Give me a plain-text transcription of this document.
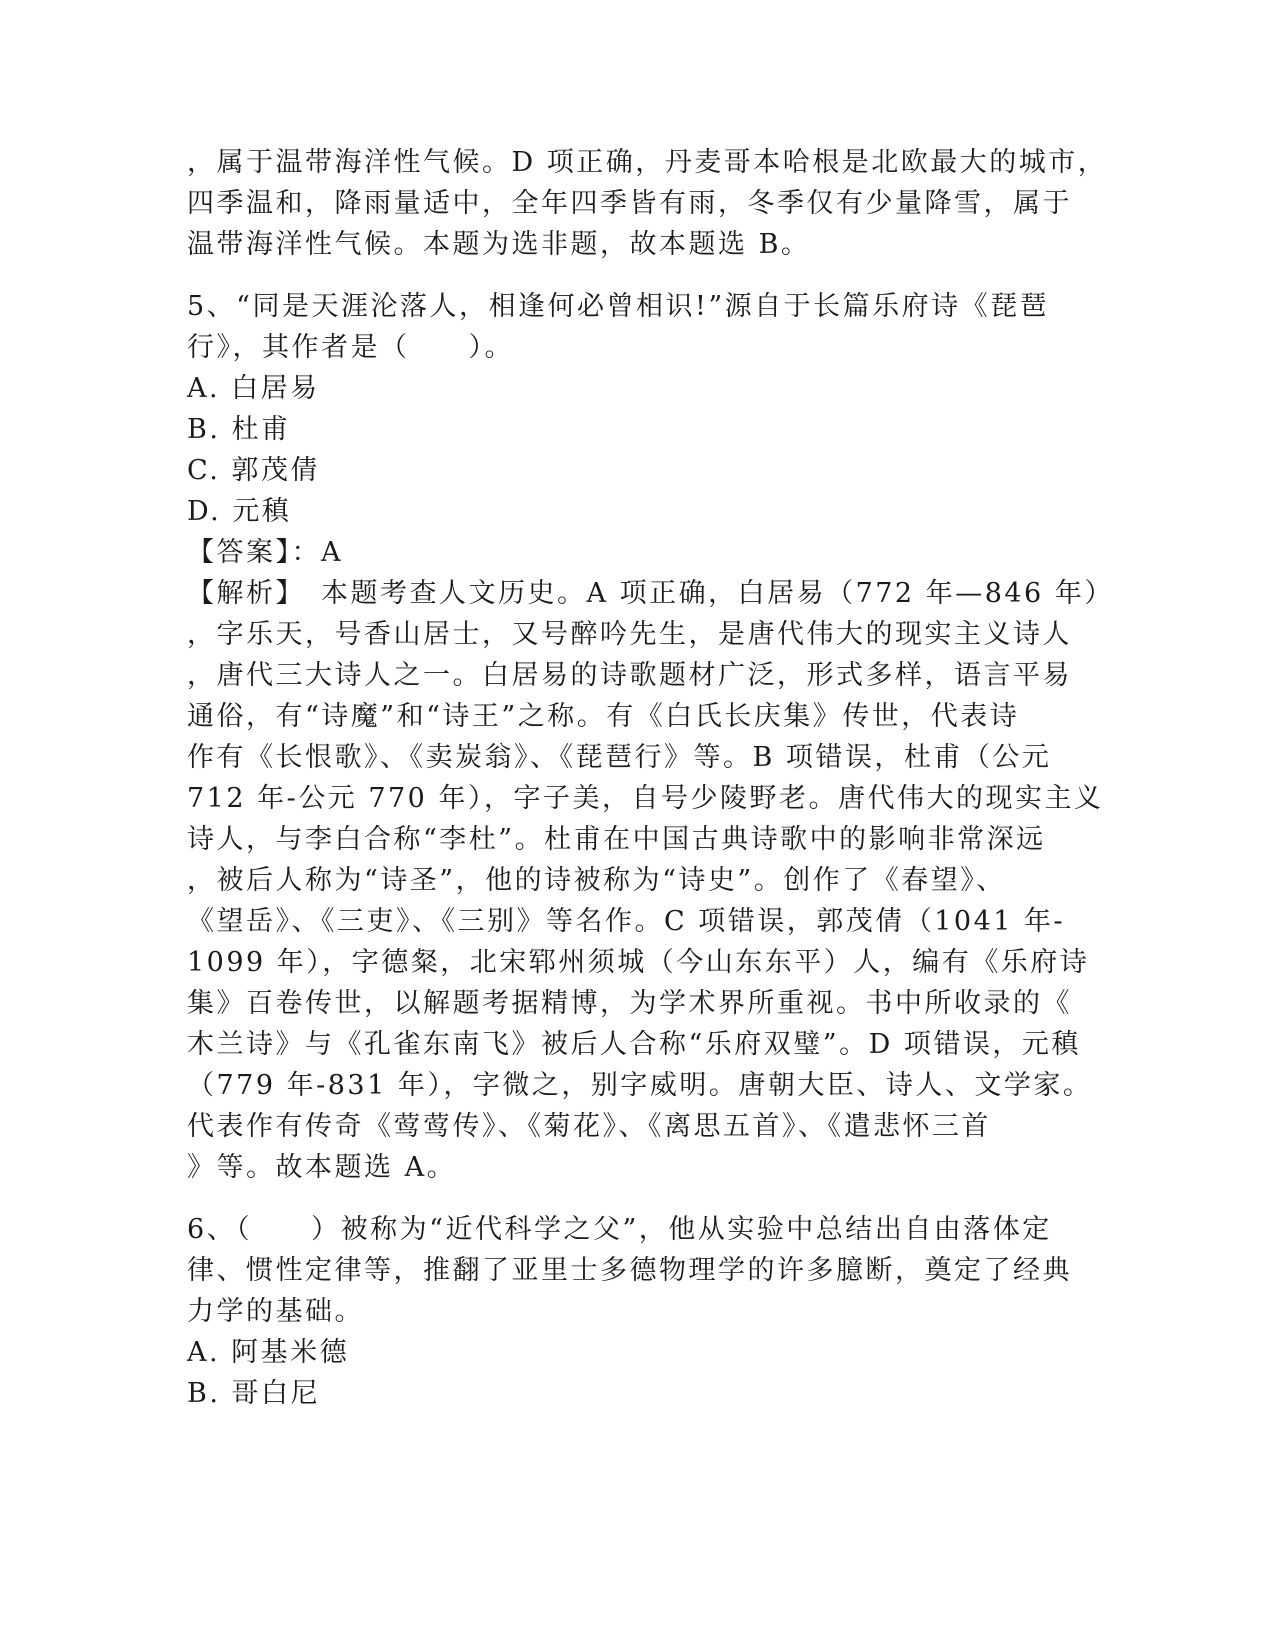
，属于温带海洋性气候。D 项正确，丹麦哥本哈根是北欧最大的城市，
四季温和，降雨量适中，全年四季皆有雨，冬季仅有少量降雪，属于
温带海洋性气候。本题为选非题，故本题选 B。
5、“同是天涯沦落人，相逢何必曾相识!”源自于长篇乐府诗《琵琶
行》，其作者是（　　）。
A. 白居易
B. 杜甫
C. 郭茂倩
D. 元稹
【答案】：A
【解析】　本题考查人文历史。A 项正确，白居易（772 年—846 年）
，字乐天，号香山居士，又号醉吟先生，是唐代伟大的现实主义诗人
，唐代三大诗人之一。白居易的诗歌题材广泛，形式多样，语言平易
通俗，有“诗魔”和“诗王”之称。有《白氏长庆集》传世，代表诗
作有《长恨歌》、《卖炭翁》、《琵琶行》等。B 项错误，杜甫（公元
712 年-公元 770 年），字子美，自号少陵野老。唐代伟大的现实主义
诗人，与李白合称“李杜”。杜甫在中国古典诗歌中的影响非常深远
，被后人称为“诗圣”，他的诗被称为“诗史”。创作了《春望》、
《望岳》、《三吏》、《三别》等名作。C 项错误，郭茂倩（1041 年-
1099 年），字德粲，北宋郓州须城（今山东东平）人，编有《乐府诗
集》百卷传世，以解题考据精博，为学术界所重视。书中所收录的《
木兰诗》与《孔雀东南飞》被后人合称“乐府双璧”。D 项错误，元稹
（779 年-831 年），字微之，别字威明。唐朝大臣、诗人、文学家。
代表作有传奇《莺莺传》、《菊花》、《离思五首》、《遣悲怀三首
》等。故本题选 A。
6、（　　）被称为“近代科学之父”，他从实验中总结出自由落体定
律、惯性定律等，推翻了亚里士多德物理学的许多臆断，奠定了经典
力学的基础。
A. 阿基米德
B. 哥白尼
